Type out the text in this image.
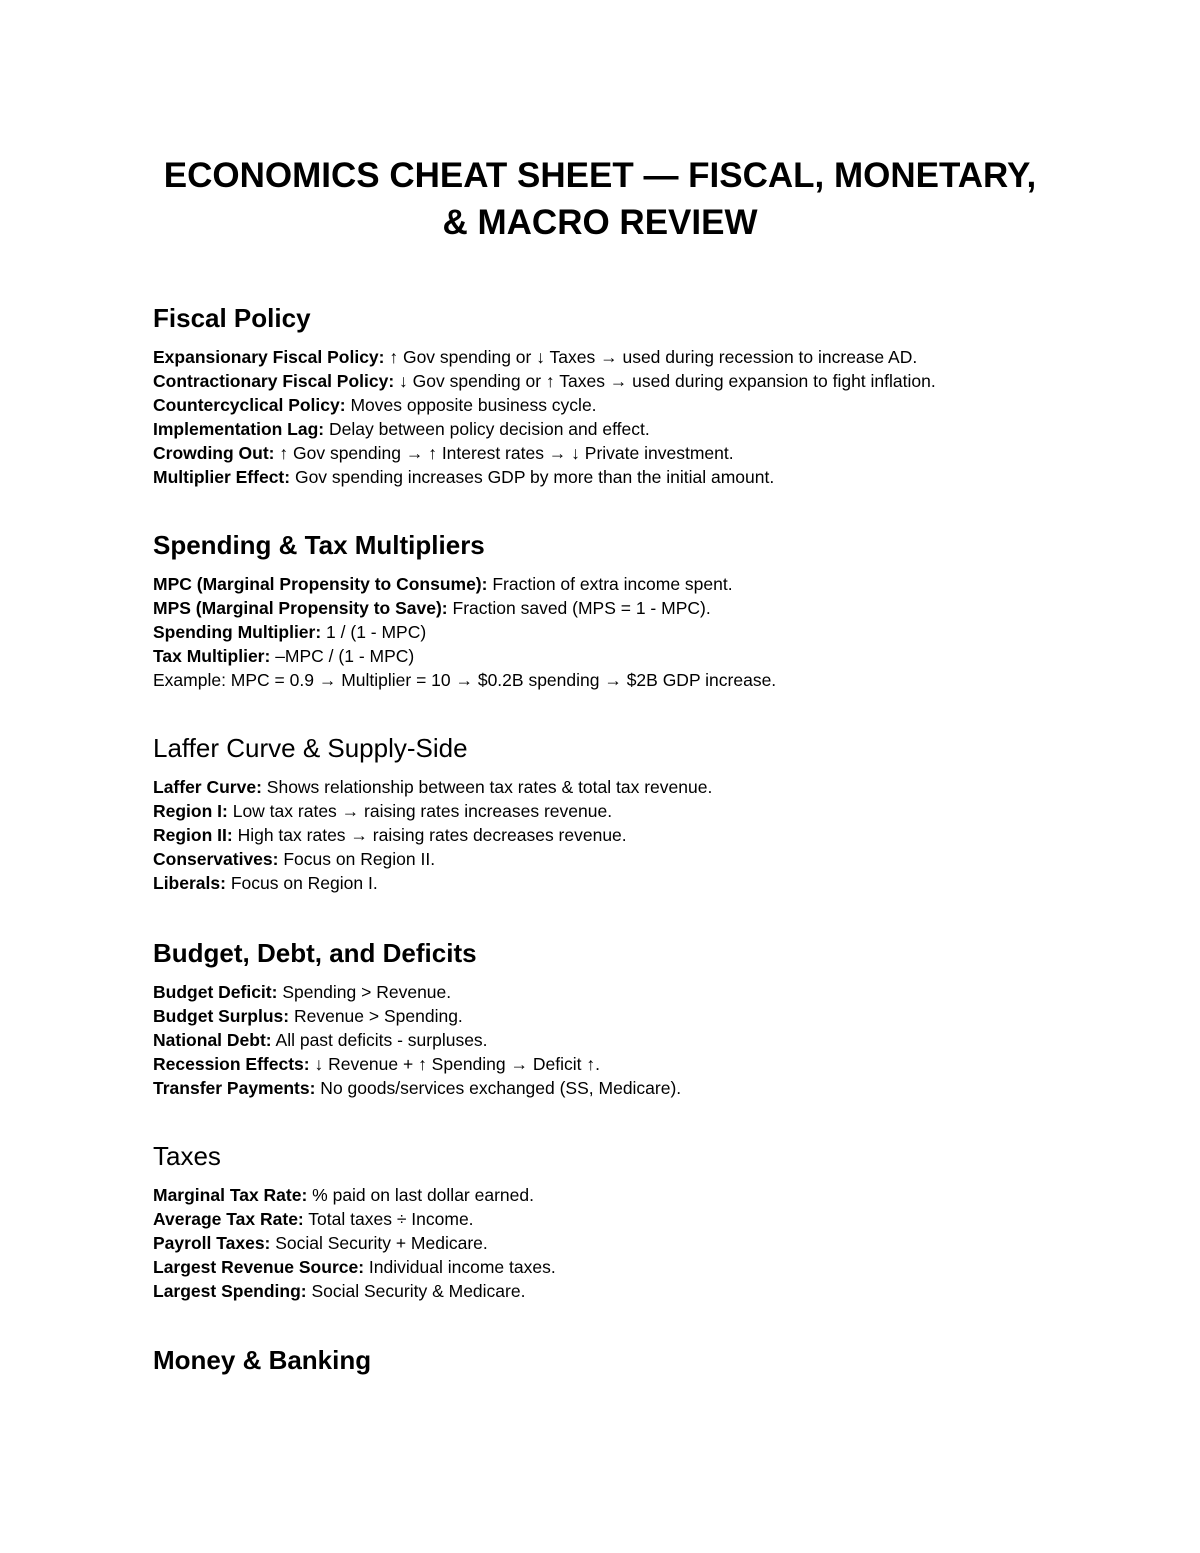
ECONOMICS CHEAT SHEET — FISCAL, MONETARY,
& MACRO REVIEW
Fiscal Policy
Expansionary Fiscal Policy: ↑ Gov spending or ↓ Taxes → used during recession to increase AD.
Contractionary Fiscal Policy: ↓ Gov spending or ↑ Taxes → used during expansion to fight inflation.
Countercyclical Policy: Moves opposite business cycle.
Implementation Lag: Delay between policy decision and effect.
Crowding Out: ↑ Gov spending → ↑ Interest rates → ↓ Private investment.
Multiplier Effect: Gov spending increases GDP by more than the initial amount.
Spending & Tax Multipliers
MPC (Marginal Propensity to Consume): Fraction of extra income spent.
MPS (Marginal Propensity to Save): Fraction saved (MPS = 1 - MPC).
Spending Multiplier: 1 / (1 - MPC)
Tax Multiplier: –MPC / (1 - MPC)
Example: MPC = 0.9 → Multiplier = 10 → $0.2B spending → $2B GDP increase.
Laffer Curve & Supply-Side
Laffer Curve: Shows relationship between tax rates & total tax revenue.
Region I: Low tax rates → raising rates increases revenue.
Region II: High tax rates → raising rates decreases revenue.
Conservatives: Focus on Region II.
Liberals: Focus on Region I.
Budget, Debt, and Deficits
Budget Deficit: Spending > Revenue.
Budget Surplus: Revenue > Spending.
National Debt: All past deficits - surpluses.
Recession Effects: ↓ Revenue + ↑ Spending → Deficit ↑.
Transfer Payments: No goods/services exchanged (SS, Medicare).
Taxes
Marginal Tax Rate: % paid on last dollar earned.
Average Tax Rate: Total taxes ÷ Income.
Payroll Taxes: Social Security + Medicare.
Largest Revenue Source: Individual income taxes.
Largest Spending: Social Security & Medicare.
Money & Banking
